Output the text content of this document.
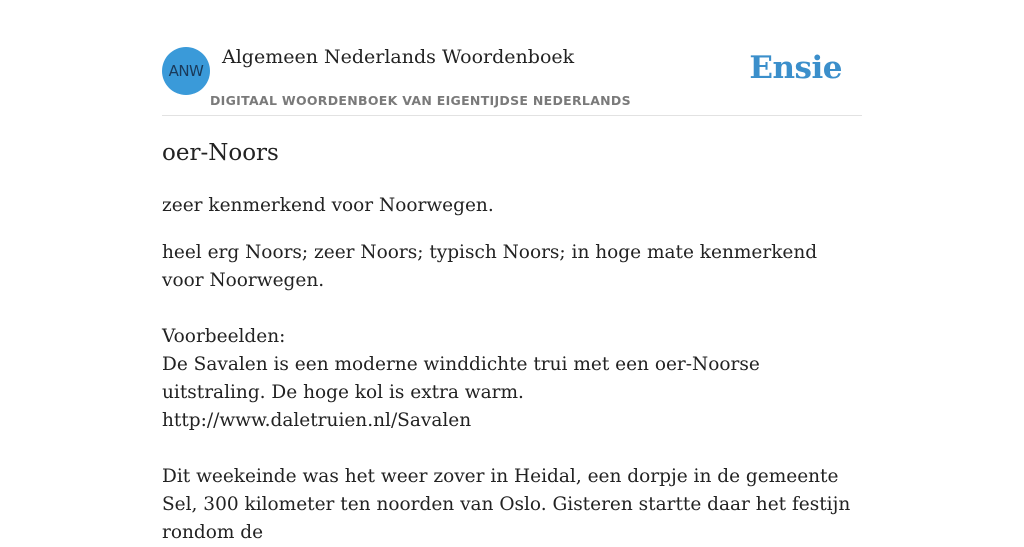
ANW
Algemeen Nederlands Woordenboek
DIGITAAL WOORDENBOEK VAN EIGENTIJDSE NEDERLANDS
Ensie
oer-Noors

zeer kenmerkend voor Noorwegen.

heel erg Noors; zeer Noors; typisch Noors; in hoge mate kenmerkend voor Noorwegen.

Voorbeelden:

De Savalen is een moderne winddichte trui met een oer-Noorse uitstraling. De hoge kol is extra warm.

http://www.daletruien.nl/Savalen

Dit weekeinde was het weer zover in Heidal, een dorpje in de gemeente Sel, 300 kilometer ten noorden van Oslo. Gisteren startte daar het festijn rondom de
